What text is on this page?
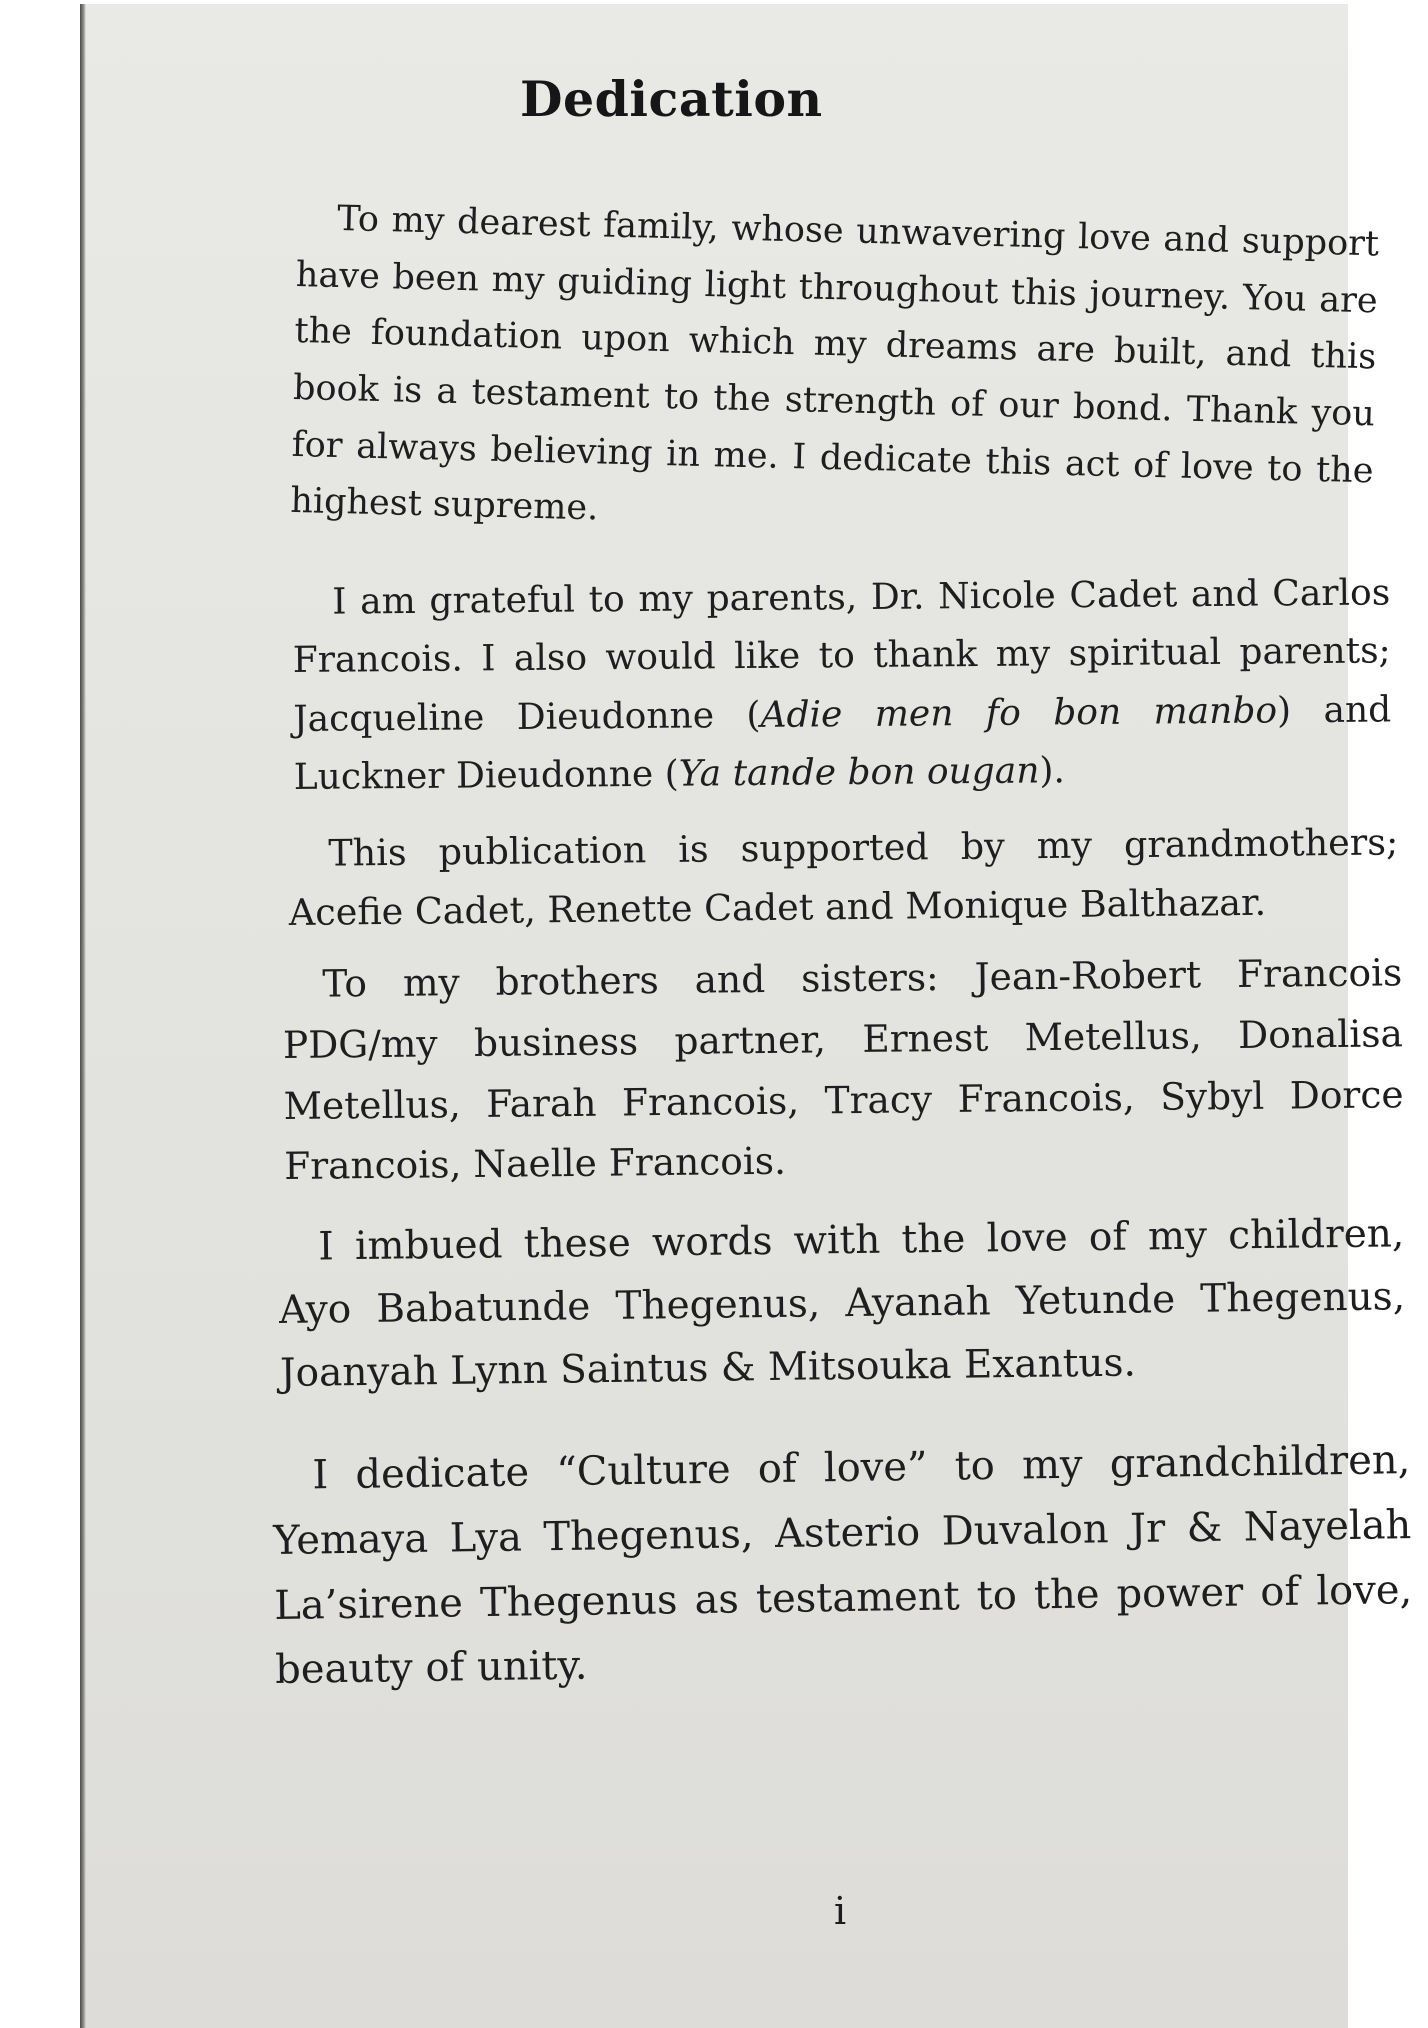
Dedication

To my dearest family, whose unwavering love and support have been my guiding light throughout this journey. You are the foundation upon which my dreams are built, and this book is a testament to the strength of our bond. Thank you for always believing in me. I dedicate this act of love to the highest supreme.

I am grateful to my parents, Dr. Nicole Cadet and Carlos Francois. I also would like to thank my spiritual parents; Jacqueline Dieudonne (Adie men fo bon manbo) and Luckner Dieudonne (Ya tande bon ougan).

This publication is supported by my grandmothers; Acefie Cadet, Renette Cadet and Monique Balthazar.

To my brothers and sisters: Jean-Robert Francois PDG/my business partner, Ernest Metellus, Donalisa Metellus, Farah Francois, Tracy Francois, Sybyl Dorce Francois, Naelle Francois.

I imbued these words with the love of my children, Ayo Babatunde Thegenus, Ayanah Yetunde Thegenus, Joanyah Lynn Saintus & Mitsouka Exantus.

I dedicate “Culture of love” to my grandchildren, Yemaya Lya Thegenus, Asterio Duvalon Jr & Nayelah La’sirene Thegenus as testament to the power of love, beauty of unity.

i
